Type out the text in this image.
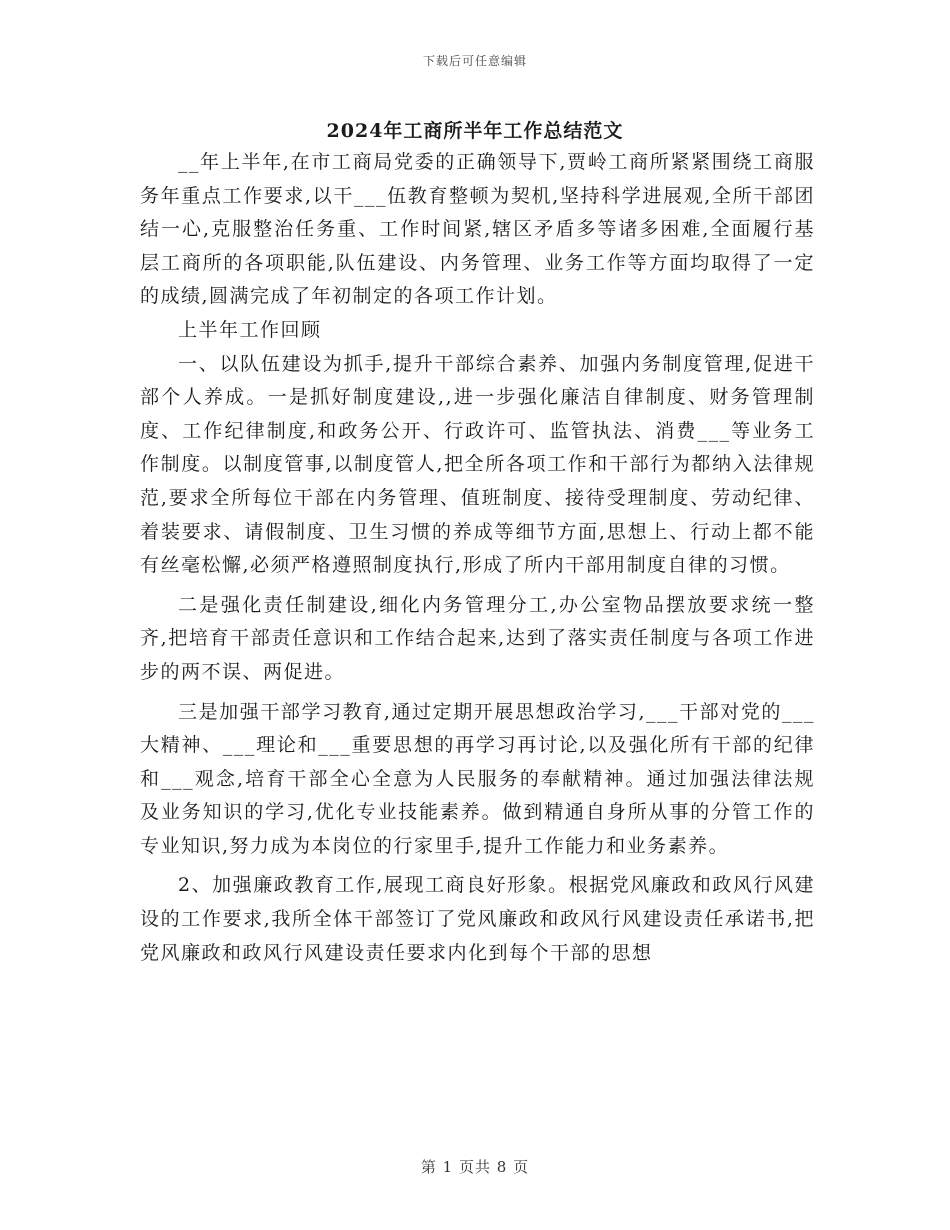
下载后可任意编辑
2024年工商所半年工作总结范文

__年上半年,在市工商局党委的正确领导下,贾岭工商所紧紧围绕工商服务年重点工作要求,以干___伍教育整顿为契机,坚持科学进展观,全所干部团结一心,克服整治任务重、工作时间紧,辖区矛盾多等诸多困难,全面履行基层工商所的各项职能,队伍建设、内务管理、业务工作等方面均取得了一定的成绩,圆满完成了年初制定的各项工作计划。

上半年工作回顾

一、以队伍建设为抓手,提升干部综合素养、加强内务制度管理,促进干部个人养成。一是抓好制度建设,,进一步强化廉洁自律制度、财务管理制度、工作纪律制度,和政务公开、行政许可、监管执法、消费___等业务工作制度。以制度管事,以制度管人,把全所各项工作和干部行为都纳入法律规范,要求全所每位干部在内务管理、值班制度、接待受理制度、劳动纪律、着装要求、请假制度、卫生习惯的养成等细节方面,思想上、行动上都不能有丝毫松懈,必须严格遵照制度执行,形成了所内干部用制度自律的习惯。

二是强化责任制建设,细化内务管理分工,办公室物品摆放要求统一整齐,把培育干部责任意识和工作结合起来,达到了落实责任制度与各项工作进步的两不误、两促进。

三是加强干部学习教育,通过定期开展思想政治学习,___干部对党的___大精神、___理论和___重要思想的再学习再讨论,以及强化所有干部的纪律和___观念,培育干部全心全意为人民服务的奉献精神。通过加强法律法规及业务知识的学习,优化专业技能素养。做到精通自身所从事的分管工作的专业知识,努力成为本岗位的行家里手,提升工作能力和业务素养。

2、加强廉政教育工作,展现工商良好形象。根据党风廉政和政风行风建设的工作要求,我所全体干部签订了党风廉政和政风行风建设责任承诺书,把党风廉政和政风行风建设责任要求内化到每个干部的思想

第 1 页共 8 页
